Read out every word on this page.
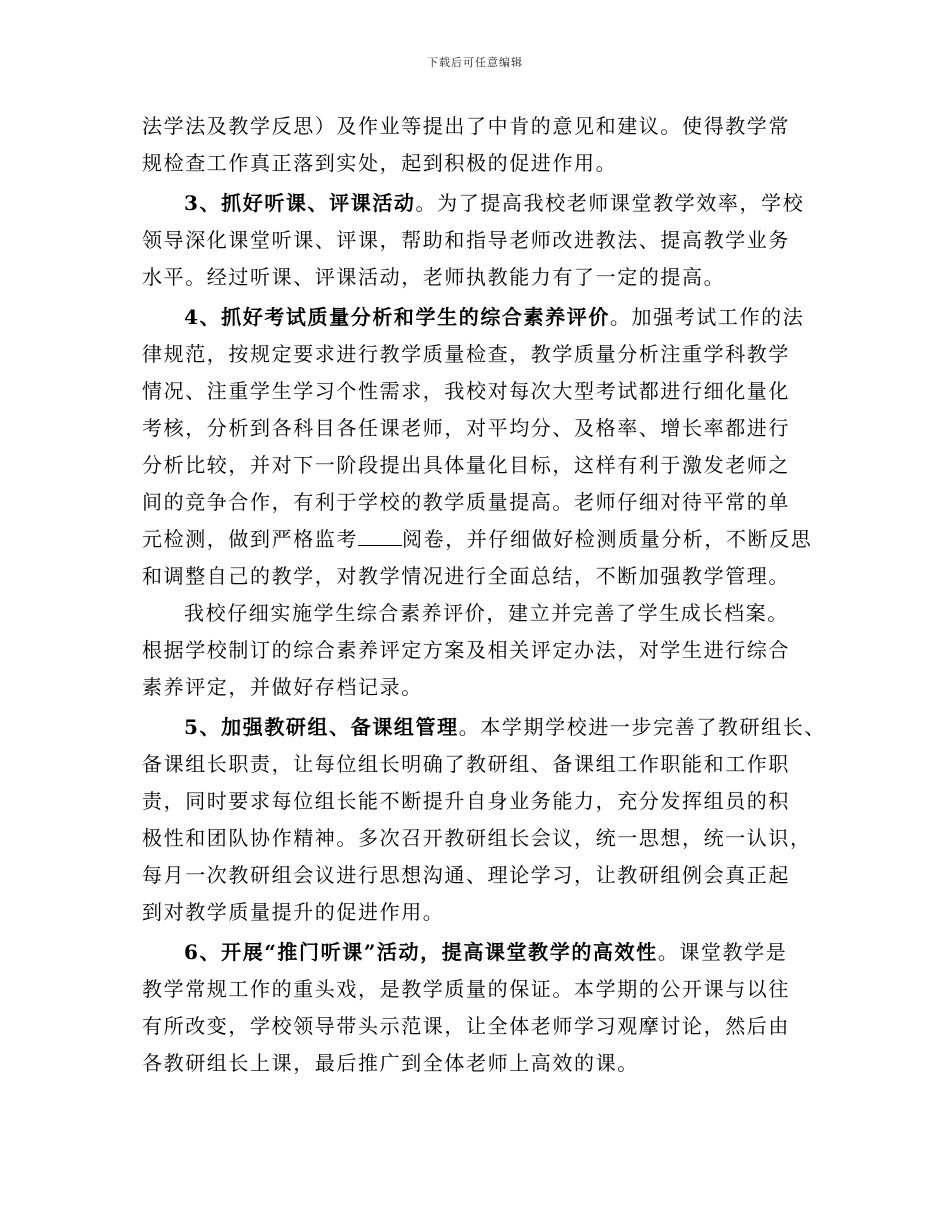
下载后可任意编辑
法学法及教学反思）及作业等提出了中肯的意见和建议。使得教学常
规检查工作真正落到实处，起到积极的促进作用。
3、抓好听课、评课活动。为了提高我校老师课堂教学效率，学校
领导深化课堂听课、评课，帮助和指导老师改进教法、提高教学业务
水平。经过听课、评课活动，老师执教能力有了一定的提高。
4、抓好考试质量分析和学生的综合素养评价。加强考试工作的法
律规范，按规定要求进行教学质量检查，教学质量分析注重学科教学
情况、注重学生学习个性需求，我校对每次大型考试都进行细化量化
考核，分析到各科目各任课老师，对平均分、及格率、增长率都进行
分析比较，并对下一阶段提出具体量化目标，这样有利于激发老师之
间的竞争合作，有利于学校的教学质量提高。老师仔细对待平常的单
元检测，做到严格监考 阅卷，并仔细做好检测质量分析，不断反思
和调整自己的教学，对教学情况进行全面总结，不断加强教学管理。
我校仔细实施学生综合素养评价，建立并完善了学生成长档案。
根据学校制订的综合素养评定方案及相关评定办法，对学生进行综合
素养评定，并做好存档记录。
5、加强教研组、备课组管理。本学期学校进一步完善了教研组长、
备课组长职责，让每位组长明确了教研组、备课组工作职能和工作职
责，同时要求每位组长能不断提升自身业务能力，充分发挥组员的积
极性和团队协作精神。多次召开教研组长会议，统一思想，统一认识，
每月一次教研组会议进行思想沟通、理论学习，让教研组例会真正起
到对教学质量提升的促进作用。
6、开展“推门听课”活动，提高课堂教学的高效性。课堂教学是
教学常规工作的重头戏，是教学质量的保证。本学期的公开课与以往
有所改变，学校领导带头示范课，让全体老师学习观摩讨论，然后由
各教研组长上课，最后推广到全体老师上高效的课。
